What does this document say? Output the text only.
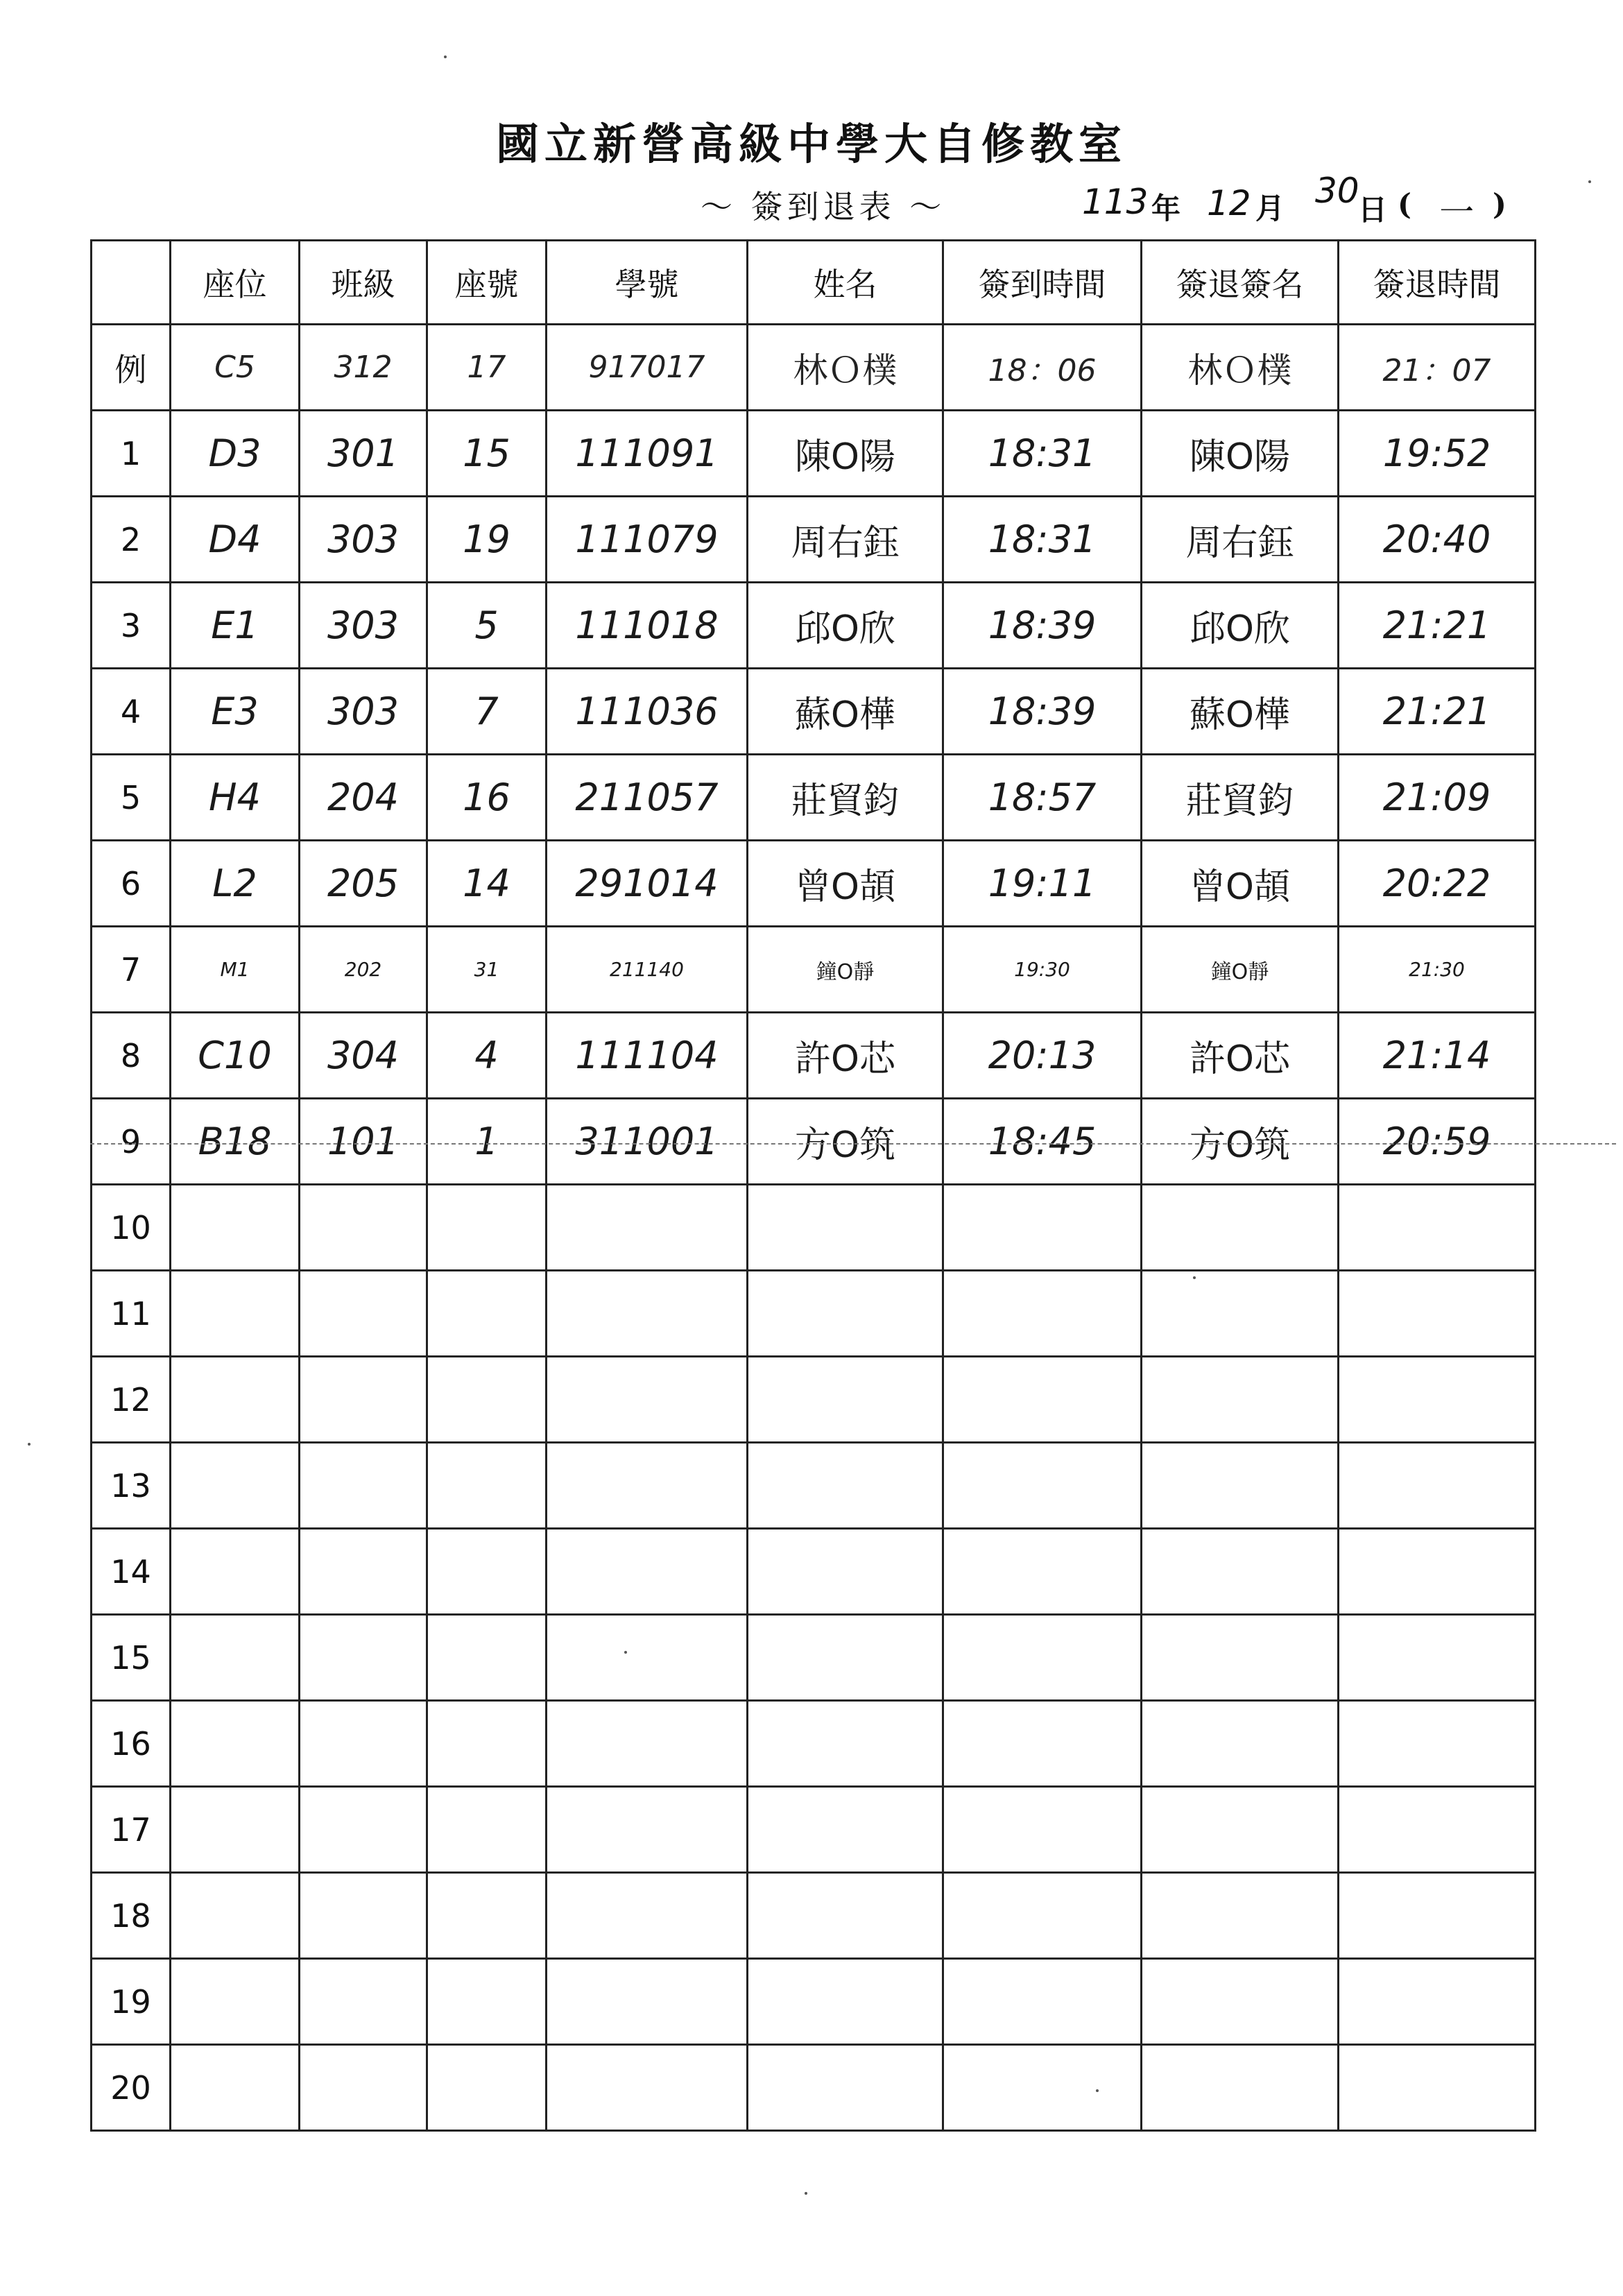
國立新營高級中學大自修教室
～ 簽到退表 ～	113 年 12 月 30
日 ( 一 )
	座位	班級	座號	學號	姓名	簽到時間	簽退簽名	簽退時間
例	C5	312	17	917017	林Ｏ樸	18：06	林Ｏ樸	21：07
1	D3	301	15	111091	陳O陽	18:31	陳O陽	19:52
2	D4	303	19	111079	周右鈺	18:31	周右鈺	20:40
3	E1	303	5	111018	邱O欣	18:39	邱O欣	21:21
4	E3	303	7	111036	蘇O樺	18:39	蘇O樺	21:21
5	H4	204	16	211057	莊貿鈞	18:57	莊貿鈞	21:09
6	L2	205	14	291014	曾O頡	19:11	曾O頡	20:22
7	M1	202	31	211140	鐘O靜	19:30	鐘O靜	21:30
8	C10	304	4	111104	許O芯	20:13	許O芯	21:14
9	B18	101	1	311001	方O筑	18:45	方O筑	20:59
10								
11								
12								
13								
14								
15								
16								
17								
18								
19								
20								
